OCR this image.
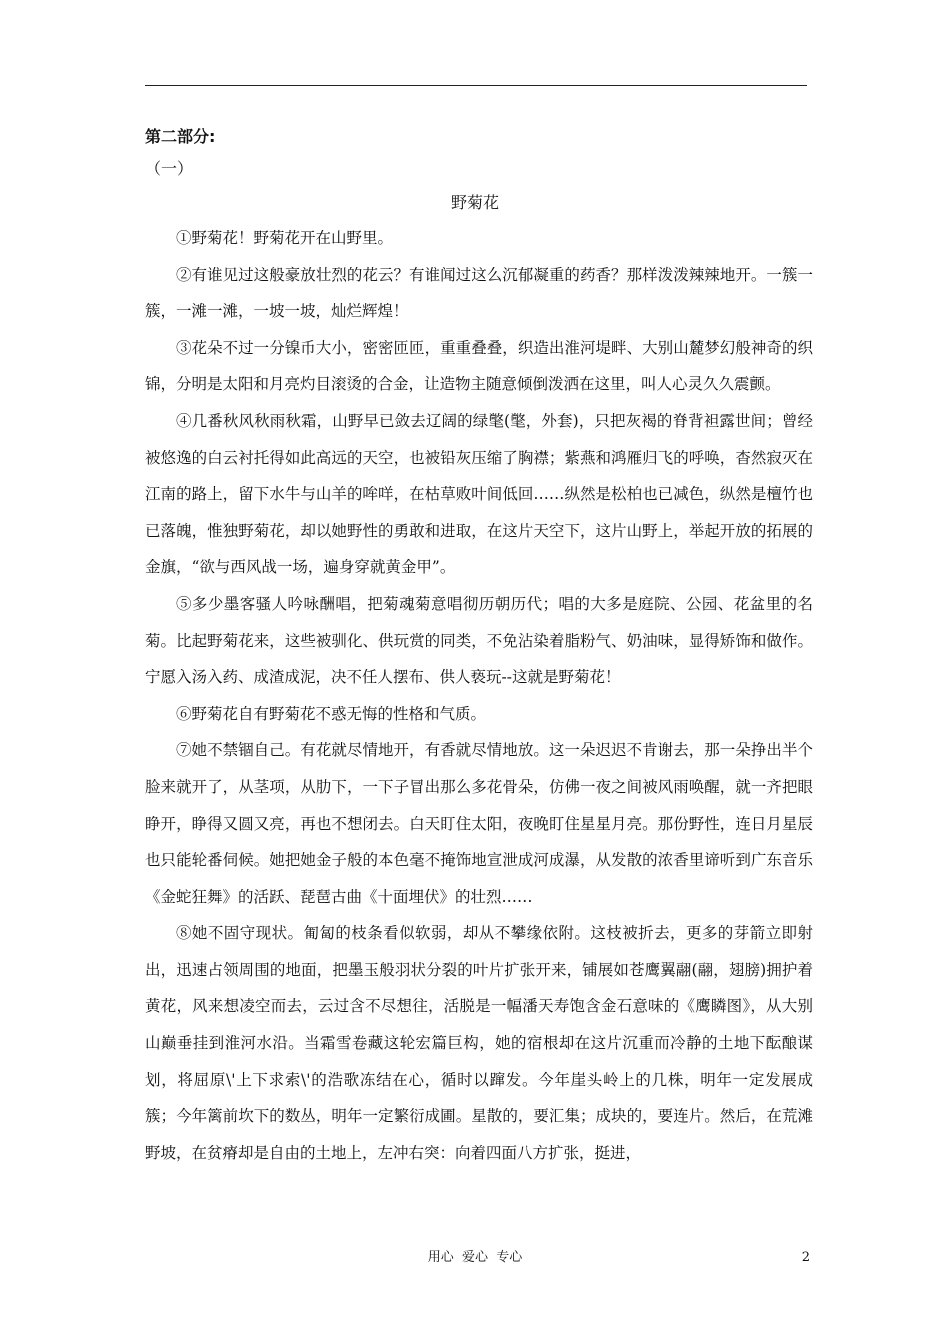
第二部分:
（一）
野菊花

①野菊花！野菊花开在山野里。

②有谁见过这般豪放壮烈的花云？有谁闻过这么沉郁凝重的药香？那样泼泼辣辣地开。一簇一簇，一滩一滩，一坡一坡，灿烂辉煌！

③花朵不过一分镍币大小，密密匝匝，重重叠叠，织造出淮河堤畔、大别山麓梦幻般神奇的织锦，分明是太阳和月亮灼目滚烫的合金，让造物主随意倾倒泼洒在这里，叫人心灵久久震颤。

④几番秋风秋雨秋霜，山野早已敛去辽阔的绿氅(氅，外套)，只把灰褐的脊背袒露世间；曾经被悠逸的白云衬托得如此高远的天空，也被铅灰压缩了胸襟；紫燕和鸿雁归飞的呼唤，杳然寂灭在江南的路上，留下水牛与山羊的哞咩，在枯草败叶间低回……纵然是松柏也已减色，纵然是檀竹也已落魄，惟独野菊花，却以她野性的勇敢和进取，在这片天空下，这片山野上，举起开放的拓展的金旗，“欲与西风战一场，遍身穿就黄金甲”。

⑤多少墨客骚人吟咏酬唱，把菊魂菊意唱彻历朝历代；唱的大多是庭院、公园、花盆里的名菊。比起野菊花来，这些被驯化、供玩赏的同类，不免沾染着脂粉气、奶油味，显得矫饰和做作。宁愿入汤入药、成渣成泥，决不任人摆布、供人亵玩--这就是野菊花！

⑥野菊花自有野菊花不惑无悔的性格和气质。

⑦她不禁锢自己。有花就尽情地开，有香就尽情地放。这一朵迟迟不肯谢去，那一朵挣出半个脸来就开了，从茎项，从肋下，一下子冒出那么多花骨朵，仿佛一夜之间被风雨唤醒，就一齐把眼睁开，睁得又圆又亮，再也不想闭去。白天盯住太阳，夜晚盯住星星月亮。那份野性，连日月星辰也只能轮番伺候。她把她金子般的本色毫不掩饰地宣泄成河成瀑，从发散的浓香里谛听到广东音乐《金蛇狂舞》的活跃、琵琶古曲《十面埋伏》的壮烈……

⑧她不固守现状。匍匐的枝条看似软弱，却从不攀缘依附。这枝被折去，更多的芽箭立即射出，迅速占领周围的地面，把墨玉般羽状分裂的叶片扩张开来，铺展如苍鹰翼翮(翮，翅膀)拥护着黄花，风来想凌空而去，云过含不尽想往，活脱是一幅潘天寿饱含金石意味的《鹰瞵图》，从大别山巅垂挂到淮河水沿。当霜雪卷藏这轮宏篇巨构，她的宿根却在这片沉重而冷静的土地下酝酿谋划，将屈原\'上下求索\'的浩歌冻结在心，循时以蹿发。今年崖头岭上的几株，明年一定发展成簇；今年篱前坎下的数丛，明年一定繁衍成圃。星散的，要汇集；成块的，要连片。然后，在荒滩野坡，在贫瘠却是自由的土地上，左冲右突：向着四面八方扩张，挺进，

用心  爱心  专心	2
